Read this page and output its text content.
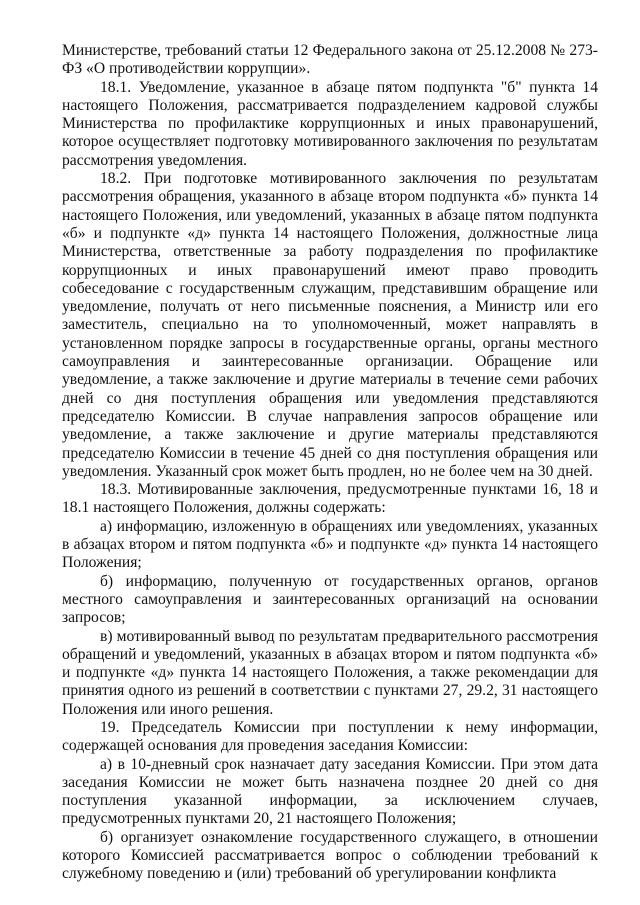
Министерстве, требований статьи 12 Федерального закона от 25.12.2008 № 273-ФЗ «О противодействии коррупции».

18.1. Уведомление, указанное в абзаце пятом подпункта "б" пункта 14 настоящего Положения, рассматривается подразделением кадровой службы Министерства по профилактике коррупционных и иных правонарушений, которое осуществляет подготовку мотивированного заключения по результатам рассмотрения уведомления.

18.2. При подготовке мотивированного заключения по результатам рассмотрения обращения, указанного в абзаце втором подпункта «б» пункта 14 настоящего Положения, или уведомлений, указанных в абзаце пятом подпункта «б» и подпункте «д» пункта 14 настоящего Положения, должностные лица Министерства, ответственные за работу подразделения по профилактике коррупционных и иных правонарушений имеют право проводить собеседование с государственным служащим, представившим обращение или уведомление, получать от него письменные пояснения, а Министр или его заместитель, специально на то уполномоченный, может направлять в установленном порядке запросы в государственные органы, органы местного самоуправления и заинтересованные организации. Обращение или уведомление, а также заключение и другие материалы в течение семи рабочих дней со дня поступления обращения или уведомления представляются председателю Комиссии. В случае направления запросов обращение или уведомление, а также заключение и другие материалы представляются председателю Комиссии в течение 45 дней со дня поступления обращения или уведомления. Указанный срок может быть продлен, но не более чем на 30 дней.

18.3. Мотивированные заключения, предусмотренные пунктами 16, 18 и 18.1 настоящего Положения, должны содержать:

а) информацию, изложенную в обращениях или уведомлениях, указанных в абзацах втором и пятом подпункта «б» и подпункте «д» пункта 14 настоящего Положения;

б) информацию, полученную от государственных органов, органов местного самоуправления и заинтересованных организаций на основании запросов;

в) мотивированный вывод по результатам предварительного рассмотрения обращений и уведомлений, указанных в абзацах втором и пятом подпункта «б» и подпункте «д» пункта 14 настоящего Положения, а также рекомендации для принятия одного из решений в соответствии с пунктами 27, 29.2, 31 настоящего Положения или иного решения.

19. Председатель Комиссии при поступлении к нему информации, содержащей основания для проведения заседания Комиссии:

а) в 10-дневный срок назначает дату заседания Комиссии. При этом дата заседания Комиссии не может быть назначена позднее 20 дней со дня поступления указанной информации, за исключением случаев, предусмотренных пунктами 20, 21 настоящего Положения;

б) организует ознакомление государственного служащего, в отношении которого Комиссией рассматривается вопрос о соблюдении требований к служебному поведению и (или) требований об урегулировании конфликта
